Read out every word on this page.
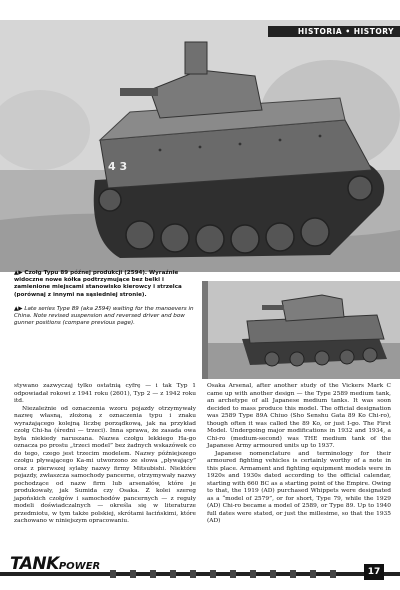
4 3
HISTORIA • HISTORY
▲▶ Czołg Typu 89 późnej produkcji (2594). Wyraźnie widoczne nowe kółka podtrzymujące bez belki i zamienione miejscami stanowisko kierowcy i strzelca (porównaj z innymi na sąsiedniej stronie).
▲▶ Late series Type 89 (aka 2594) waiting for the manoevers in China. Note revised suspension and reversed driver and bow gunner positions (compare previous page).

stywano zazwyczaj tylko ostatnią cyfrę — i tak Typ 1 odpowiadał rokowi z 1941 roku (2601), Typ 2 — z 1942 roku itd.

Niezależnie od oznaczenia wzoru pojazdy otrzymywały nazwę własną, złożoną z oznaczenia typu i znaku wyrażającego kolejną liczbę porządkową, jak na przykład czołg Chi-ha (średni — trzeci). Inna sprawa, że zasada owa była niekiedy naruszana. Nazwa czołgu lekkiego Ha-go oznacza po prostu „trzeci model” bez żadnych wskazówek co do tego, czego jest trzecim modelem. Nazwy późniejszego czołgu pływającego Ka-mi utworzono ze słowa „pływający” oraz z pierwszej sylaby nazwy firmy Mitsubishi. Niektóre pojazdy, zwłaszcza samochody pancerne, otrzymywały nazwy pochodzące od nazw firm lub arsenałów, które je produkowały, jak Sumida czy Osaka. Z kolei szereg japońskich czołgów i samochodów pancernych — z reguły modeli doświadczalnych — określa się w literaturze przedmiotu, w tym także polskiej, skrótami łacińskimi, które zachowano w niniejszym opracowaniu.

Osaka Arsenal, after another study of the Vickers Mark C came up with another design — the Type 2589 medium tank, an archetype of all Japanese medium tanks. It was soon decided to mass produce this model. The official designation was 2589 Type 89A Chiuo (Sho Senshu Gata 89 Ko Chi-ro), though often it was called the 89 Ko, or just I-go. The First Model. Undergoing major modifications in 1932 and 1934, a Chi-ro (medium-second) was THE medium tank of the Japanese Army armoured units up to 1937.

Japanese nomenclature and terminology for their armoured fighting vehicles is certainly worthy of a note in this place. Armament and fighting equipment models were in 1920s and 1930s dated according to the official calendar, starting with 660 BC as a starting point of the Empire. Owing to that, the 1919 (AD) purchased Whippets were designated as a “model of 2579”, or for short, Type 79, while the 1929 (AD) Chi-ro became a model of 2589, or Type 89. Up to 1940 full dates were stated, or just the millesime, so that the 1935 (AD)

TANKPOWER	17
